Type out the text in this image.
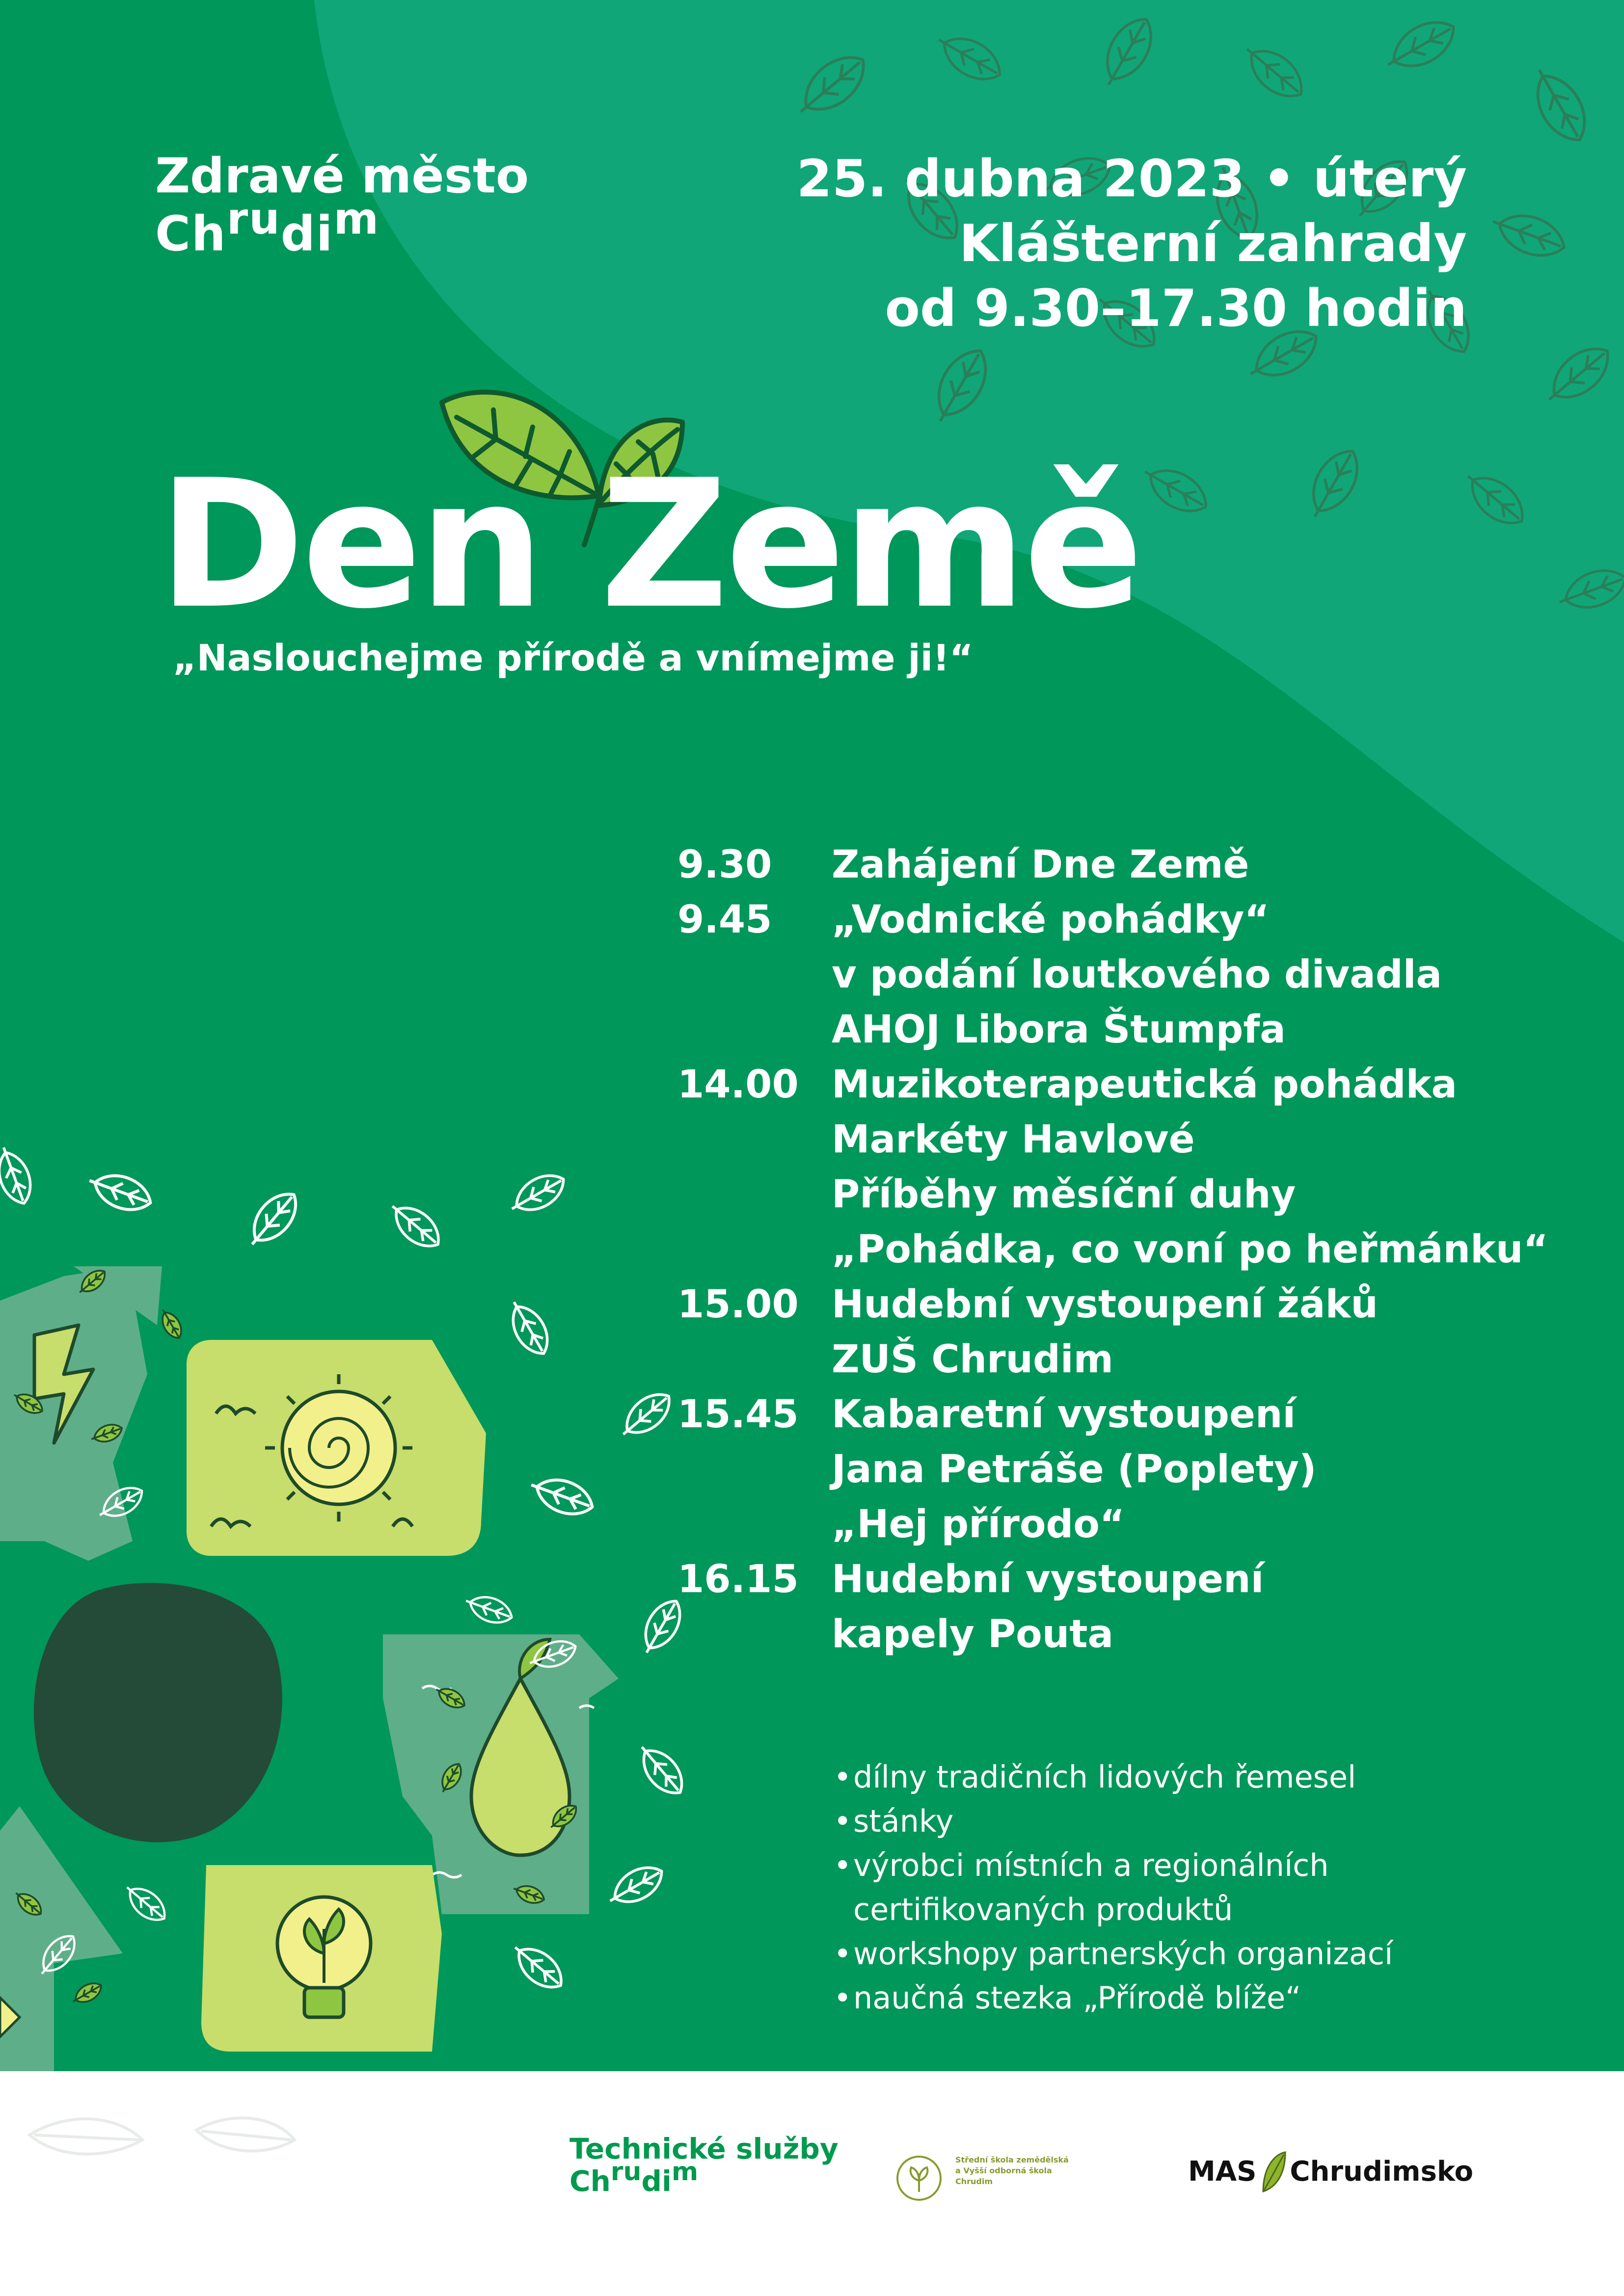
Zdravé město
Chrudim
25. dubna 2023 • úterý
Klášterní zahrady
od 9.30–17.30 hodin
Den Země
„Naslouchejme přírodě a vnímejme ji!“
9.30	Zahájení Dne Země
9.45	„Vodnické pohádky“
v podání loutkového divadla
AHOJ Libora Štumpfa
14.00 Muzikoterapeutická pohádka
Markéty Havlové
Příběhy měsíční duhy
„Pohádka, co voní po heřmánku“
15.00 Hudební vystoupení žáků
ZUŠ Chrudim
15.45 Kabaretní vystoupení
Jana Petráše (Poplety)
„Hej přírodo“
16.15 Hudební vystoupení
kapely Pouta
• dílny tradičních lidových řemesel
• stánky
• výrobci místních a regionálních
certifikovaných produktů
• workshopy partnerských organizací
• naučná stezka „Přírodě blíže“
Technické služby
Chrudim	Střední škola zemědělská
a Vyšší odborná škola
Chrudim	MAS Chrudimsko
